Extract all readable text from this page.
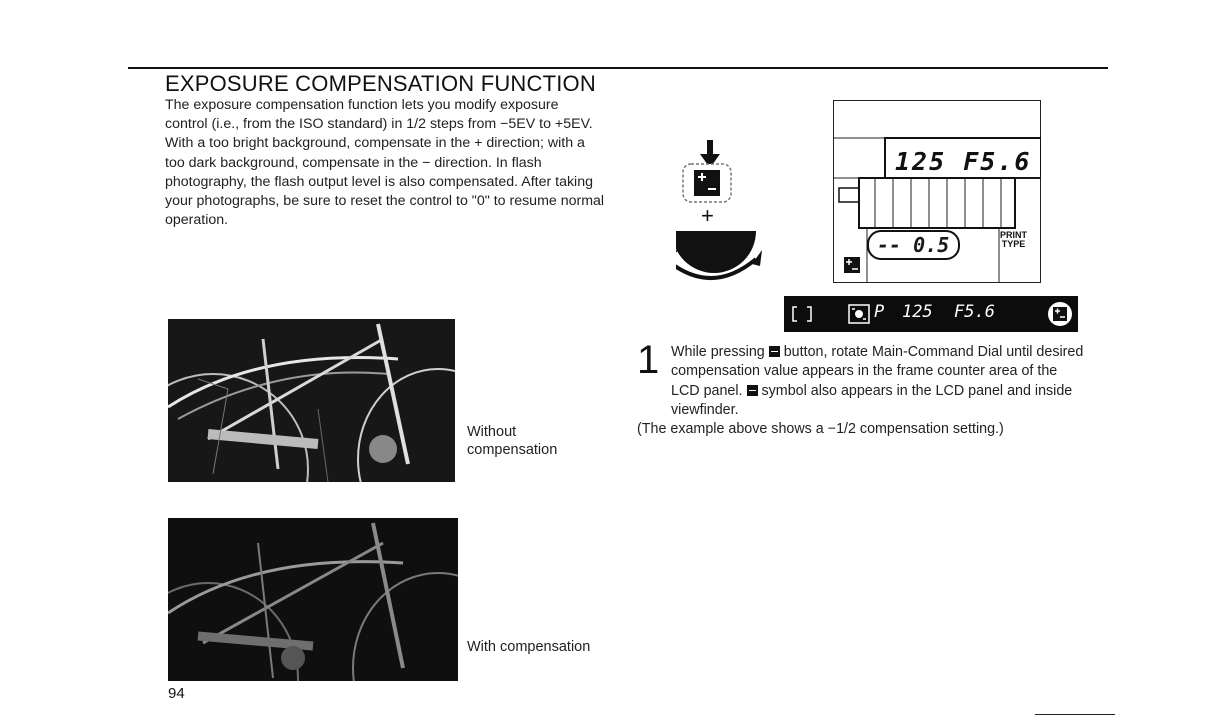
EXPOSURE COMPENSATION FUNCTION

The exposure compensation function lets you modify exposure control (i.e., from the ISO standard) in 1/2 steps from −5EV to +5EV. With a too bright background, compensate in the + direction; with a too dark background, compensate in the − direction. In flash photography, the flash output level is also compensated. After taking your photographs, be sure to reset the control to "0" to resume normal operation.

Without
compensation
With compensation
+
125 F5.6
-- 0.5	PRINT
TYPE
P 125 F5.6
1 While pressing button, rotate Main-Command Dial until desired compensation value appears in the frame counter area of the LCD panel. symbol also appears in the LCD panel and inside viewfinder.
(The example above shows a −1/2 compensation setting.)
94
